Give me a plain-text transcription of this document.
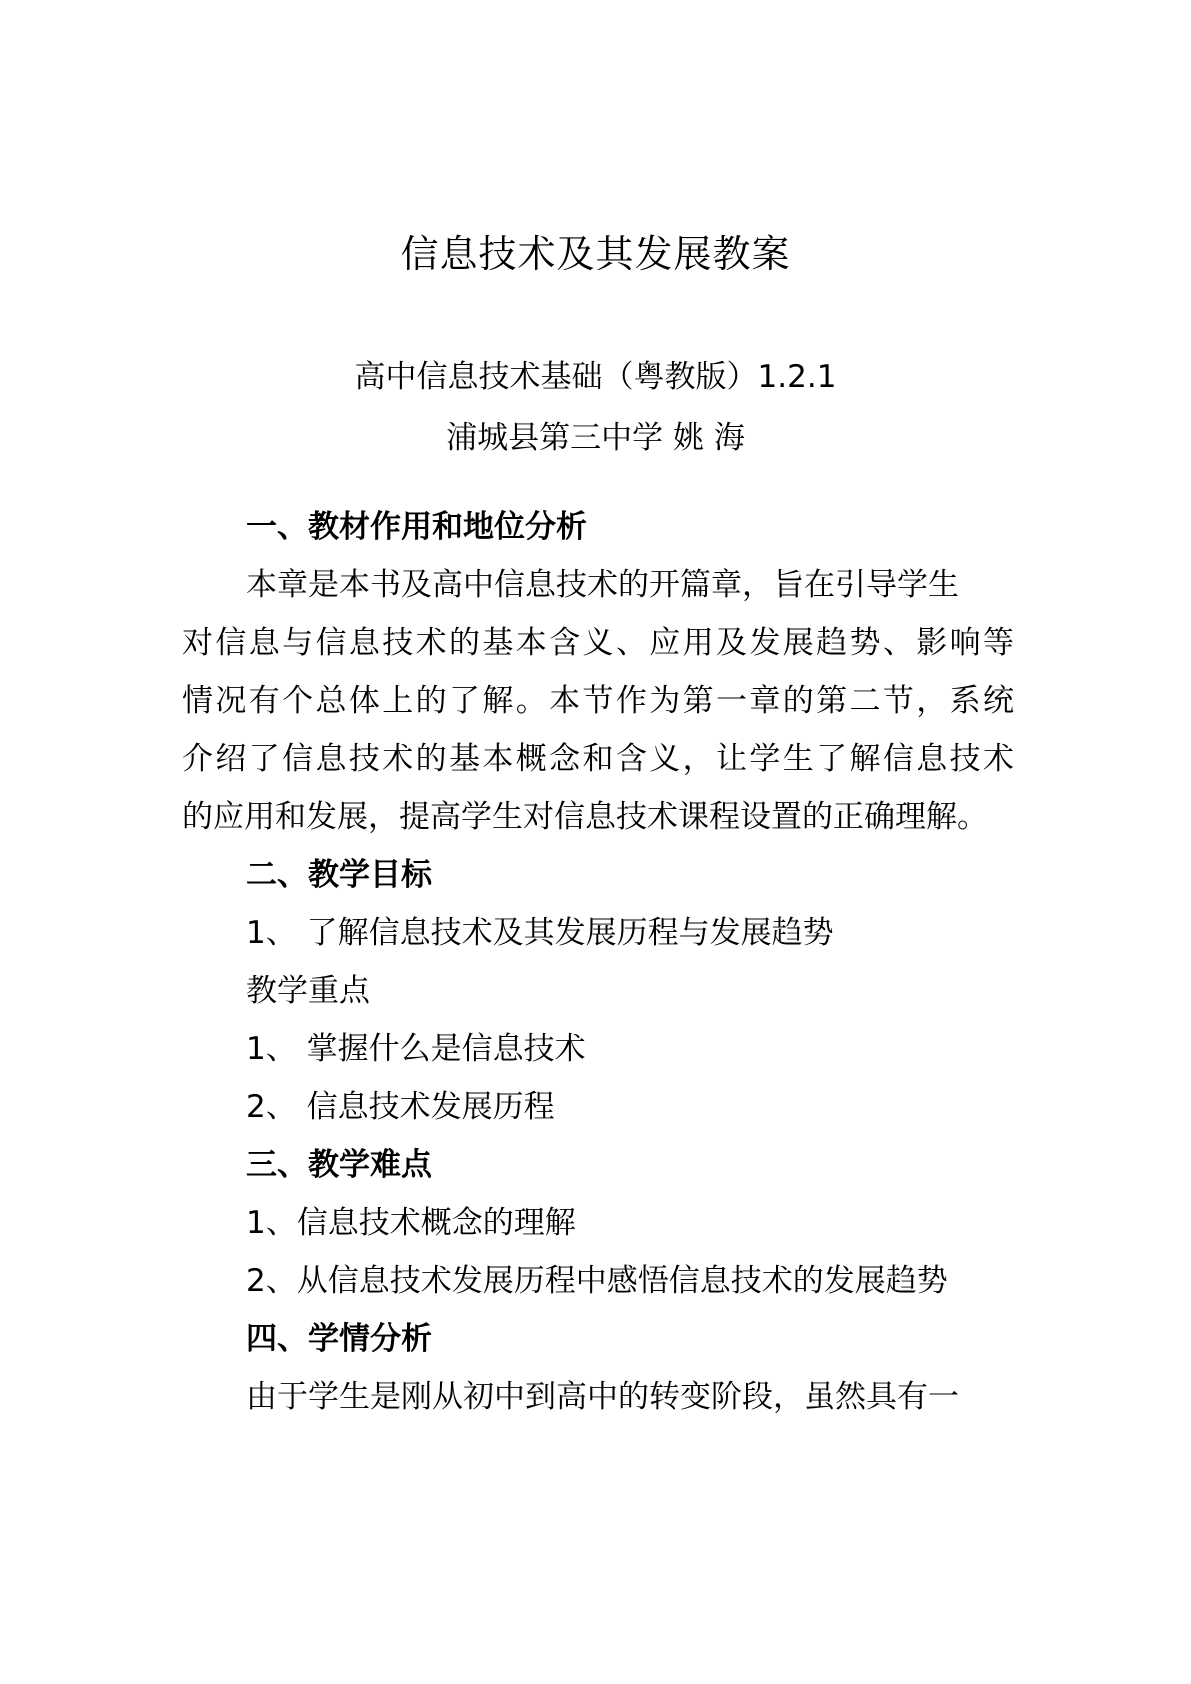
信息技术及其发展教案
高中信息技术基础（粤教版）1.2.1
浦城县第三中学 姚 海
一、教材作用和地位分析
本章是本书及高中信息技术的开篇章，旨在引导学生
对信息与信息技术的基本含义、应用及发展趋势、影响等
情况有个总体上的了解。本节作为第一章的第二节，系统
介绍了信息技术的基本概念和含义，让学生了解信息技术
的应用和发展，提高学生对信息技术课程设置的正确理解。
二、教学目标
1、 了解信息技术及其发展历程与发展趋势
教学重点
1、 掌握什么是信息技术
2、 信息技术发展历程
三、教学难点
1、信息技术概念的理解
2、从信息技术发展历程中感悟信息技术的发展趋势
四、学情分析
由于学生是刚从初中到高中的转变阶段，虽然具有一
